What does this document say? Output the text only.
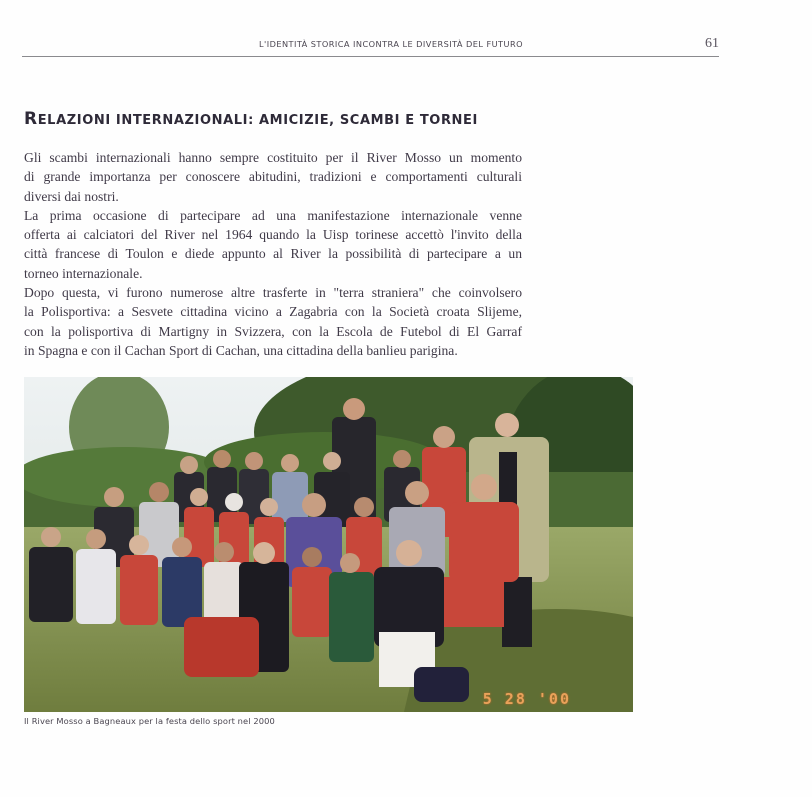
L'IDENTITÀ STORICA INCONTRA LE DIVERSITÀ DEL FUTURO	61
RELAZIONI INTERNAZIONALI: AMICIZIE, SCAMBI E TORNEI

Gli scambi internazionali hanno sempre costituito per il River Mosso un momento
di grande importanza per conoscere abitudini, tradizioni e comportamenti culturali
diversi dai nostri.

La prima occasione di partecipare ad una manifestazione internazionale venne
offerta ai calciatori del River nel 1964 quando la Uisp torinese accettò l'invito della
città francese di Toulon e diede appunto al River la possibilità di partecipare a un
torneo internazionale.

Dopo questa, vi furono numerose altre trasferte in "terra straniera" che coinvolsero
la Polisportiva: a Sesvete cittadina vicino a Zagabria con la Società croata Slijeme,
con la polisportiva di Martigny in Svizzera, con la Escola de Futebol di El Garraf
in Spagna e con il Cachan Sport di Cachan, una cittadina della banlieu parigina.

5 28 '00
Il River Mosso a Bagneaux per la festa dello sport nel 2000
